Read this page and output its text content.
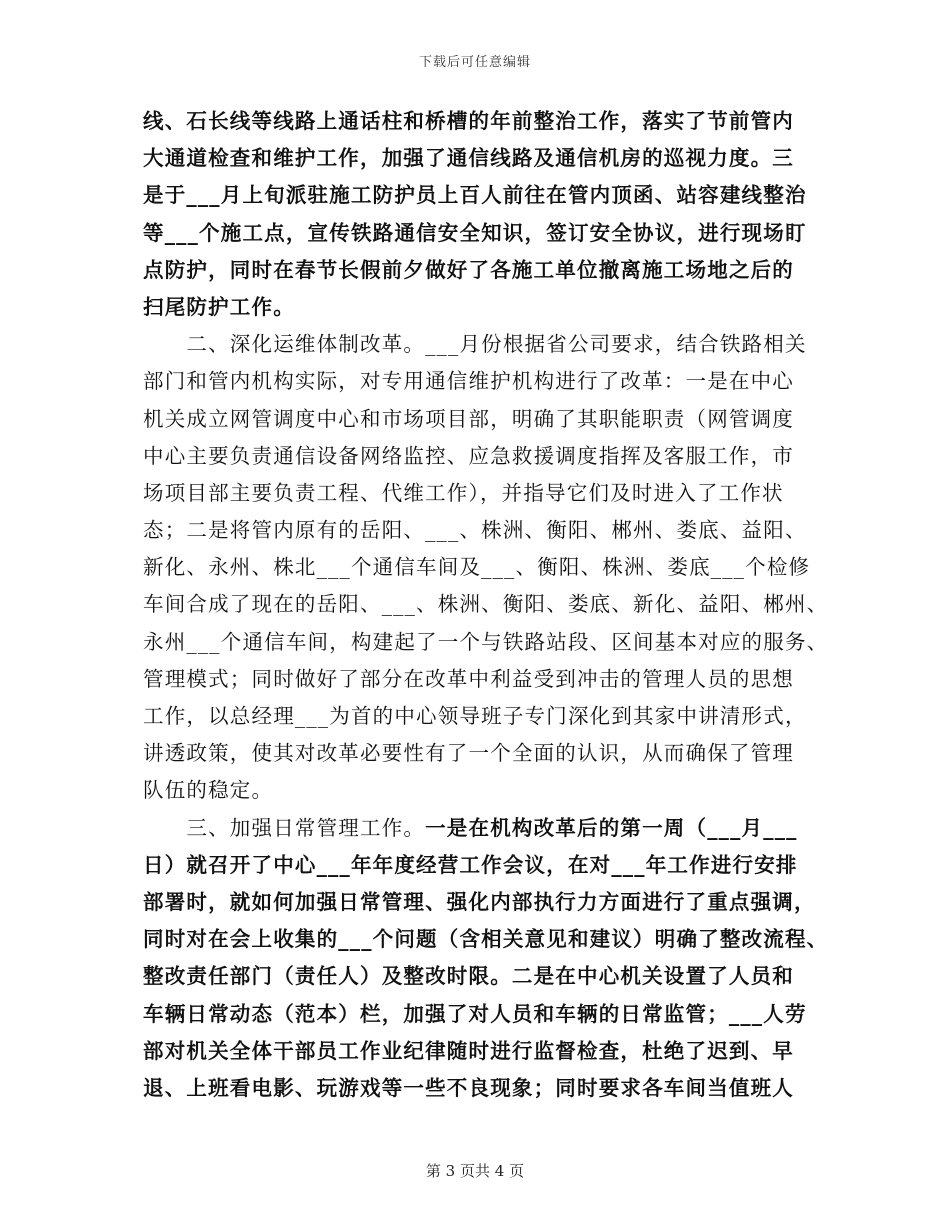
下载后可任意编辑
线、石长线等线路上通话柱和桥槽的年前整治工作，落实了节前管内
大通道检查和维护工作，加强了通信线路及通信机房的巡视力度。三
是于___月上旬派驻施工防护员上百人前往在管内顶函、站容建线整治
等___个施工点，宣传铁路通信安全知识，签订安全协议，进行现场盯
点防护，同时在春节长假前夕做好了各施工单位撤离施工场地之后的
扫尾防护工作。
　　二、深化运维体制改革。___月份根据省公司要求，结合铁路相关
部门和管内机构实际，对专用通信维护机构进行了改革：一是在中心
机关成立网管调度中心和市场项目部，明确了其职能职责（网管调度
中心主要负责通信设备网络监控、应急救援调度指挥及客服工作，市
场项目部主要负责工程、代维工作），并指导它们及时进入了工作状
态；二是将管内原有的岳阳、___、株洲、衡阳、郴州、娄底、益阳、
新化、永州、株北___个通信车间及___、衡阳、株洲、娄底___个检修
车间合成了现在的岳阳、___、株洲、衡阳、娄底、新化、益阳、郴州、
永州___个通信车间，构建起了一个与铁路站段、区间基本对应的服务、
管理模式；同时做好了部分在改革中利益受到冲击的管理人员的思想
工作，以总经理___为首的中心领导班子专门深化到其家中讲清形式，
讲透政策，使其对改革必要性有了一个全面的认识，从而确保了管理
队伍的稳定。
　　三、加强日常管理工作。一是在机构改革后的第一周（___月___
日）就召开了中心___年年度经营工作会议，在对___年工作进行安排
部署时，就如何加强日常管理、强化内部执行力方面进行了重点强调，
同时对在会上收集的___个问题（含相关意见和建议）明确了整改流程、
整改责任部门（责任人）及整改时限。二是在中心机关设置了人员和
车辆日常动态（范本）栏，加强了对人员和车辆的日常监管；___人劳
部对机关全体干部员工作业纪律随时进行监督检查，杜绝了迟到、早
退、上班看电影、玩游戏等一些不良现象；同时要求各车间当值班人
第 3 页共 4 页
